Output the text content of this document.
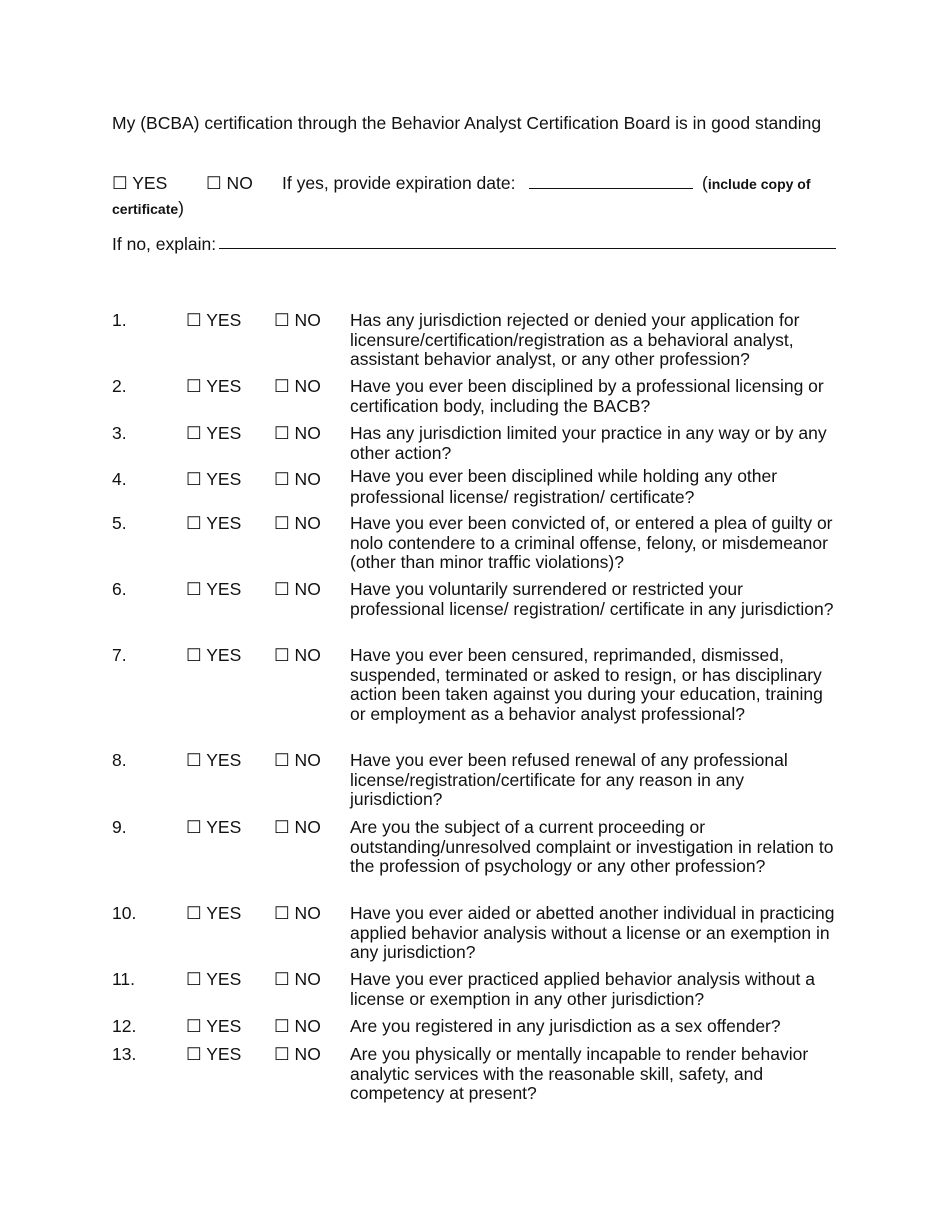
My (BCBA) certification through the Behavior Analyst Certification Board is in good standing
☐ YES ☐ NO If yes, provide expiration date:	(include copy of
certificate)
If no, explain:
1.	☐ YES ☐ NO Has any jurisdiction rejected or denied your application for licensure/certification/registration as a behavioral analyst, assistant behavior analyst, or any other profession?
2.	☐ YES ☐ NO Have you ever been disciplined by a professional licensing or certification body, including the BACB?
3.	☐ YES ☐ NO Has any jurisdiction limited your practice in any way or by any other action?
4.	☐ YES ☐ NO Have you ever been disciplined while holding any other professional license/ registration/ certificate?
5.	☐ YES ☐ NO Have you ever been convicted of, or entered a plea of guilty or nolo contendere to a criminal offense, felony, or misdemeanor (other than minor traffic violations)?
6.	☐ YES ☐ NO Have you voluntarily surrendered or restricted your professional license/ registration/ certificate in any jurisdiction?
7.	☐ YES ☐ NO Have you ever been censured, reprimanded, dismissed, suspended, terminated or asked to resign, or has disciplinary action been taken against you during your education, training or employment as a behavior analyst professional?
8.	☐ YES ☐ NO Have you ever been refused renewal of any professional license/registration/certificate for any reason in any jurisdiction?
9.	☐ YES ☐ NO Are you the subject of a current proceeding or outstanding/unresolved complaint or investigation in relation to the profession of psychology or any other profession?
10.	☐ YES ☐ NO Have you ever aided or abetted another individual in practicing applied behavior analysis without a license or an exemption in any jurisdiction?
11.	☐ YES ☐ NO Have you ever practiced applied behavior analysis without a license or exemption in any other jurisdiction?
12.	☐ YES ☐ NO Are you registered in any jurisdiction as a sex offender?
13.	☐ YES ☐ NO Are you physically or mentally incapable to render behavior analytic services with the reasonable skill, safety, and competency at present?
